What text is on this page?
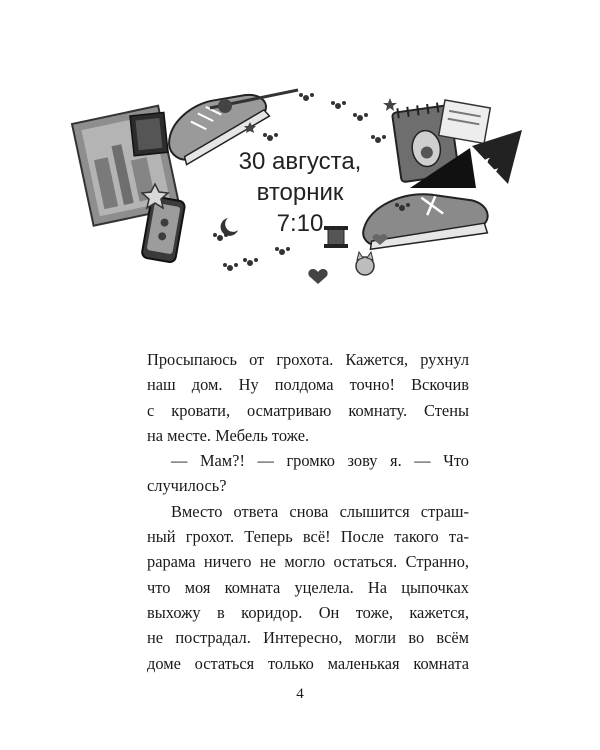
30 августа,
вторник
7:10
Просыпаюсь от грохота. Кажется, рухнул
наш дом. Ну полдома точно! Вскочив
с кровати, осматриваю комнату. Стены
на месте. Мебель тоже.
— Мам?! — громко зову я. — Что
случилось?
Вместо ответа снова слышится страш-
ный грохот. Теперь всё! После такого та-
рарама ничего не могло остаться. Странно,
что моя комната уцелела. На цыпочках
выхожу в коридор. Он тоже, кажется,
не пострадал. Интересно, могли во всём
доме остаться только маленькая комната
4
